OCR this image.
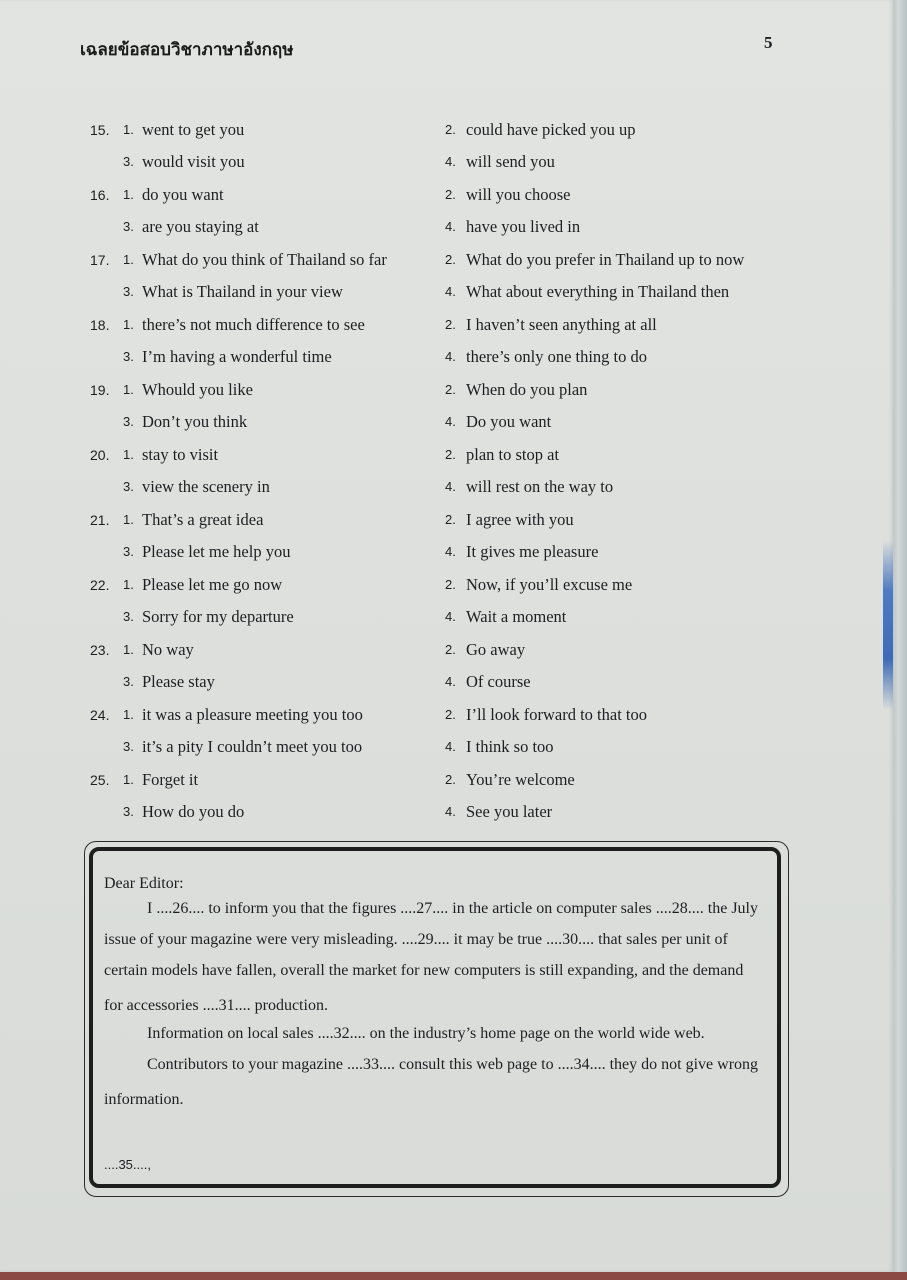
เฉลยข้อสอบวิชาภาษาอังกฤษ	5
15. 1. went to get you	2. could have picked you up
3. would visit you	4. will send you
16. 1. do you want	2. will you choose
3. are you staying at	4. have you lived in
17. 1. What do you think of Thailand so far	2. What do you prefer in Thailand up to now
3. What is Thailand in your view	4. What about everything in Thailand then
18. 1. there’s not much difference to see	2. I haven’t seen anything at all
3. I’m having a wonderful time	4. there’s only one thing to do
19. 1. Whould you like	2. When do you plan
3. Don’t you think	4. Do you want
20. 1. stay to visit	2. plan to stop at
3. view the scenery in	4. will rest on the way to
21. 1. That’s a great idea	2. I agree with you
3. Please let me help you	4. It gives me pleasure
22. 1. Please let me go now	2. Now, if you’ll excuse me
3. Sorry for my departure	4. Wait a moment
23. 1. No way	2. Go away
3. Please stay	4. Of course
24. 1. it was a pleasure meeting you too	2. I’ll look forward to that too
3. it’s a pity I couldn’t meet you too	4. I think so too
25. 1. Forget it	2. You’re welcome
3. How do you do	4. See you later
Dear Editor:
I ....26.... to inform you that the figures ....27.... in the article on computer sales ....28.... the July
issue of your magazine were very misleading. ....29.... it may be true ....30.... that sales per unit of
certain models have fallen, overall the market for new computers is still expanding, and the demand
for accessories ....31.... production.
Information on local sales ....32.... on the industry’s home page on the world wide web.
Contributors to your magazine ....33.... consult this web page to ....34.... they do not give wrong
information.
....35....,
